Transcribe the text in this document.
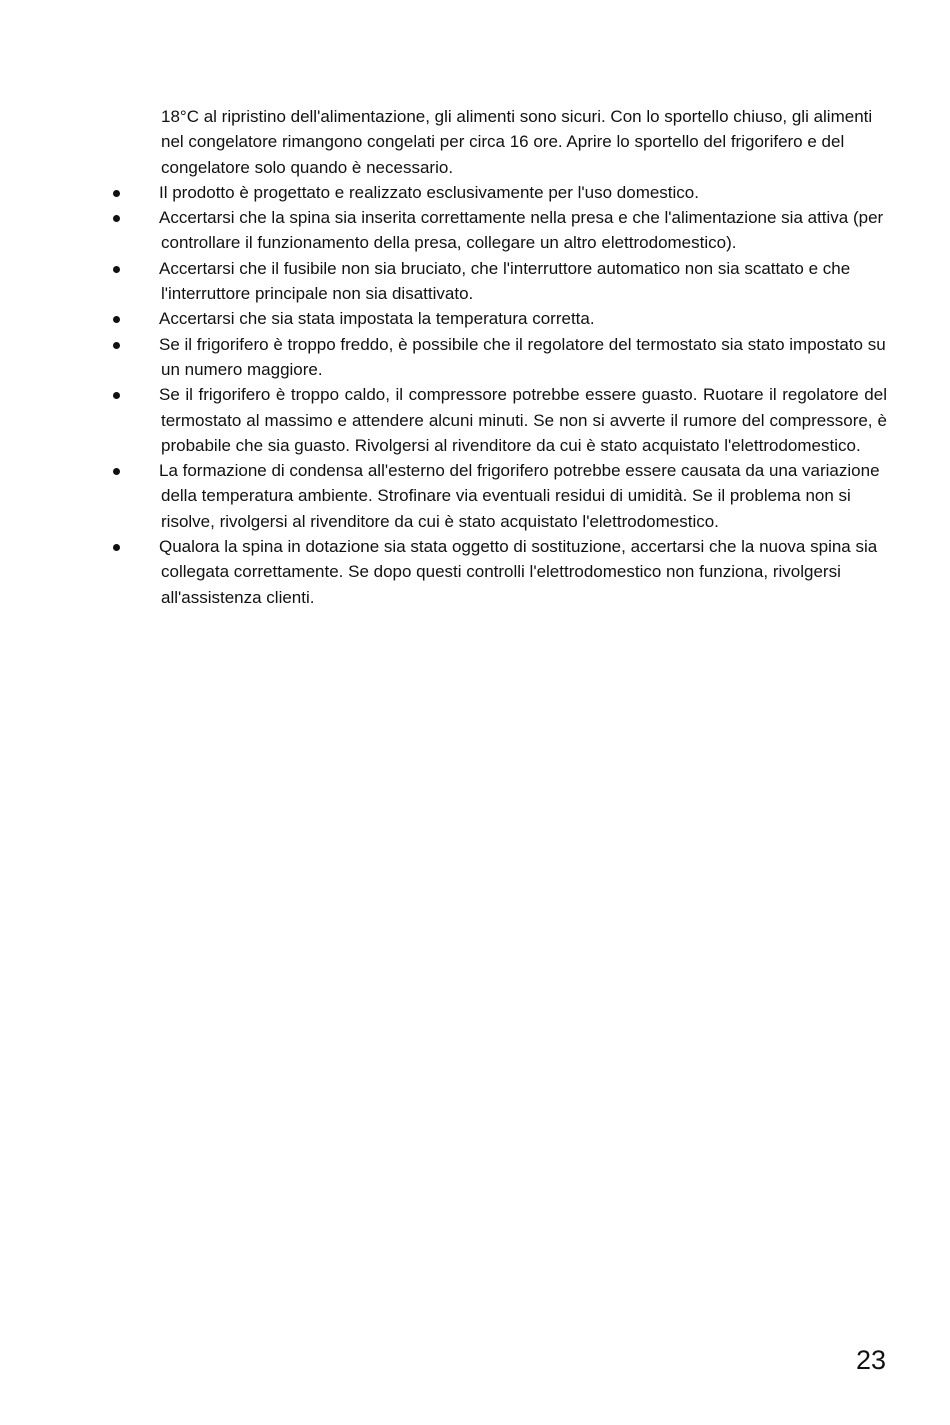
18°C al ripristino dell'alimentazione, gli alimenti sono sicuri. Con lo sportello chiuso, gli alimenti nel congelatore rimangono congelati per circa 16 ore. Aprire lo sportello del frigorifero e del congelatore solo quando è necessario.
Il prodotto è progettato e realizzato esclusivamente per l'uso domestico.
Accertarsi che la spina sia inserita correttamente nella presa e che l'alimentazione sia attiva (per controllare il funzionamento della presa, collegare un altro elettrodomestico).
Accertarsi che il fusibile non sia bruciato, che l'interruttore automatico non sia scattato e che l'interruttore principale non sia disattivato.
Accertarsi che sia stata impostata la temperatura corretta.
Se il frigorifero è troppo freddo, è possibile che il regolatore del termostato sia stato impostato su un numero maggiore.
Se il frigorifero è troppo caldo, il compressore potrebbe essere guasto. Ruotare il regolatore del termostato al massimo e attendere alcuni minuti. Se non si avverte il rumore del compressore, è probabile che sia guasto. Rivolgersi al rivenditore da cui è stato acquistato l'elettrodomestico.
La formazione di condensa all'esterno del frigorifero potrebbe essere causata da una variazione della temperatura ambiente. Strofinare via eventuali residui di umidità. Se il problema non si risolve, rivolgersi al rivenditore da cui è stato acquistato l'elettrodomestico.
Qualora la spina in dotazione sia stata oggetto di sostituzione, accertarsi che la nuova spina sia collegata correttamente. Se dopo questi controlli l'elettrodomestico non funziona, rivolgersi all'assistenza clienti.
23
